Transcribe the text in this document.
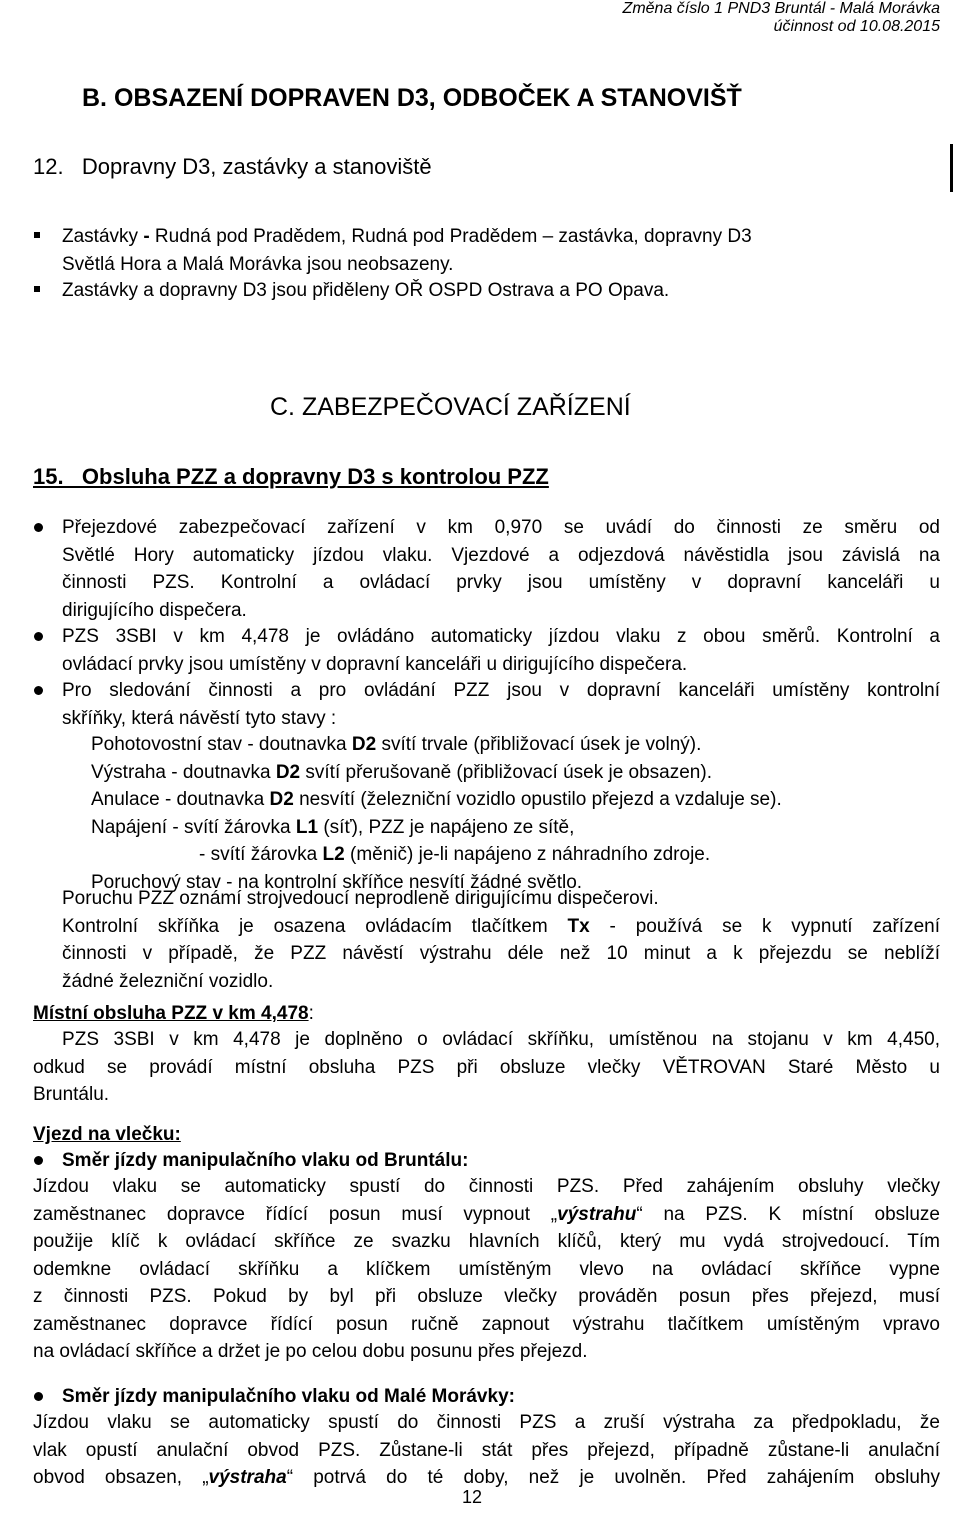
Změna číslo 1 PND3 Bruntál - Malá Morávka
účinnost od 10.08.2015
B. OBSAZENÍ DOPRAVEN D3, ODBOČEK A STANOVIŠŤ
12.   Dopravny D3, zastávky a stanoviště
Zastávky - Rudná pod Pradědem, Rudná pod Pradědem – zastávka, dopravny D3
Světlá Hora a Malá Morávka jsou neobsazeny.
Zastávky a dopravny D3 jsou přiděleny OŘ OSPD Ostrava a PO Opava.
C. ZABEZPEČOVACÍ ZAŘÍZENÍ
15.   Obsluha PZZ a dopravny D3 s kontrolou PZZ
Přejezdové zabezpečovací zařízení v km 0,970 se uvádí do činnosti ze směru od
Světlé Hory automaticky jízdou vlaku. Vjezdové a odjezdová návěstidla jsou závislá na
činnosti PZS. Kontrolní a ovládací prvky jsou umístěny v dopravní kanceláři u
dirigujícího dispečera.
PZS 3SBI v km 4,478 je ovládáno automaticky jízdou vlaku z obou směrů. Kontrolní a
ovládací prvky jsou umístěny v dopravní kanceláři u dirigujícího dispečera.
Pro sledování činnosti a pro ovládání PZZ jsou v dopravní kanceláři umístěny kontrolní
skříňky, která návěstí tyto stavy :
Pohotovostní stav - doutnavka D2 svítí trvale (přibližovací úsek je volný).
Výstraha - doutnavka D2 svítí přerušovaně (přibližovací úsek je obsazen).
Anulace - doutnavka D2 nesvítí (železniční vozidlo opustilo přejezd a vzdaluje se).
Napájení - svítí žárovka L1 (síť), PZZ je napájeno ze sítě,
- svítí žárovka L2 (měnič) je-li napájeno z náhradního zdroje.
Poruchový stav - na kontrolní skříňce nesvítí žádné světlo.
Poruchu PZZ oznámí strojvedoucí neprodleně dirigujícímu dispečerovi.
Kontrolní skříňka je osazena ovládacím tlačítkem Tx - používá se k vypnutí zařízení
činnosti v případě, že PZZ návěstí výstrahu déle než 10 minut a k přejezdu se neblíží
žádné železniční vozidlo.
Místní obsluha PZZ v km 4,478:
PZS 3SBI v km 4,478 je doplněno o ovládací skříňku, umístěnou na stojanu v km 4,450,
odkud se provádí místní obsluha PZS při obsluze vlečky VĚTROVAN Staré Město u
Bruntálu.
Vjezd na vlečku:
Směr jízdy manipulačního vlaku od Bruntálu:
Jízdou vlaku se automaticky spustí do činnosti PZS. Před zahájením obsluhy vlečky
zaměstnanec dopravce řídící posun musí vypnout „výstrahu“ na PZS. K místní obsluze
použije klíč k ovládací skříňce ze svazku hlavních klíčů, který mu vydá strojvedoucí. Tím
odemkne ovládací skříňku a klíčkem umístěným vlevo na ovládací skříňce vypne
z činnosti PZS. Pokud by byl při obsluze vlečky prováděn posun přes přejezd, musí
zaměstnanec dopravce řídící posun ručně zapnout výstrahu tlačítkem umístěným vpravo
na ovládací skříňce a držet je po celou dobu posunu přes přejezd.
Směr jízdy manipulačního vlaku od Malé Morávky:
Jízdou vlaku se automaticky spustí do činnosti PZS a zruší výstraha za předpokladu, že
vlak opustí anulační obvod PZS. Zůstane-li stát přes přejezd, případně zůstane-li anulační
obvod obsazen, „výstraha“ potrvá do té doby, než je uvolněn. Před zahájením obsluhy
12
